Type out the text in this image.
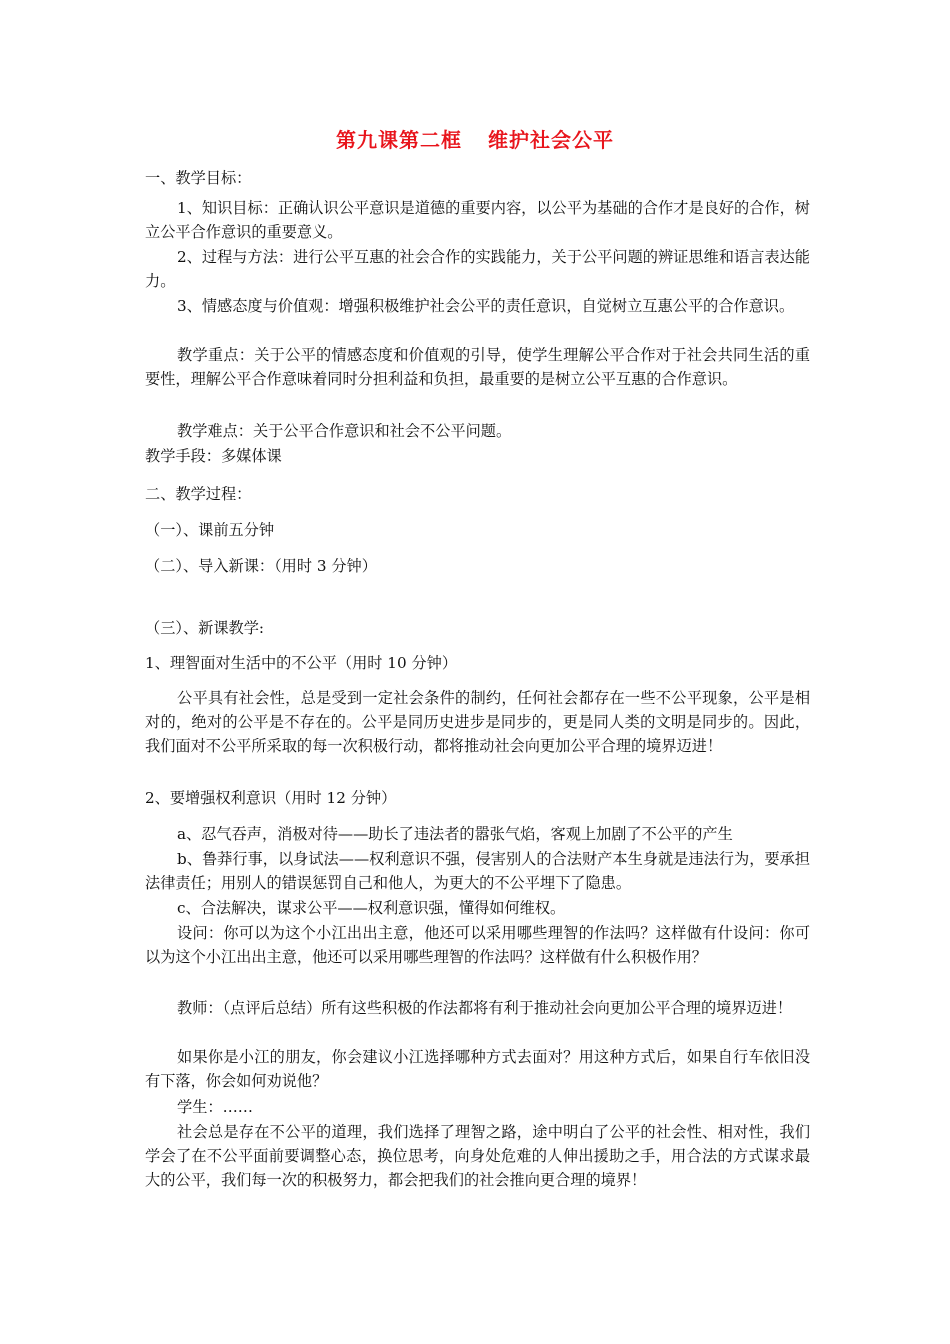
第九课第二框 维护社会公平
一、教学目标：
1、知识目标：正确认识公平意识是道德的重要内容，以公平为基础的合作才是良好的合作，树立公平合作意识的重要意义。
2、过程与方法：进行公平互惠的社会合作的实践能力，关于公平问题的辨证思维和语言表达能力。
3、情感态度与价值观：增强积极维护社会公平的责任意识，自觉树立互惠公平的合作意识。
教学重点：关于公平的情感态度和价值观的引导，使学生理解公平合作对于社会共同生活的重要性，理解公平合作意味着同时分担利益和负担，最重要的是树立公平互惠的合作意识。
教学难点：关于公平合作意识和社会不公平问题。
教学手段：多媒体课
二、教学过程：
（一）、课前五分钟
（二）、导入新课：（用时 3 分钟）
（三）、新课教学:
1、理智面对生活中的不公平（用时 10 分钟）
公平具有社会性，总是受到一定社会条件的制约，任何社会都存在一些不公平现象，公平是相对的，绝对的公平是不存在的。公平是同历史进步是同步的，更是同人类的文明是同步的。因此，我们面对不公平所采取的每一次积极行动，都将推动社会向更加公平合理的境界迈进！
2、要增强权利意识（用时 12 分钟）
a、忍气吞声，消极对待——助长了违法者的嚣张气焰，客观上加剧了不公平的产生
b、鲁莽行事，以身试法——权利意识不强，侵害别人的合法财产本生身就是违法行为，要承担法律责任；用别人的错误惩罚自己和他人，为更大的不公平埋下了隐患。
c、合法解决，谋求公平——权利意识强，懂得如何维权。
设问：你可以为这个小江出出主意，他还可以采用哪些理智的作法吗？这样做有什设问：你可以为这个小江出出主意，他还可以采用哪些理智的作法吗？这样做有什么积极作用？
教师：（点评后总结）所有这些积极的作法都将有利于推动社会向更加公平合理的境界迈进！
如果你是小江的朋友，你会建议小江选择哪种方式去面对？用这种方式后，如果自行车依旧没有下落，你会如何劝说他？
学生：……
社会总是存在不公平的道理，我们选择了理智之路，途中明白了公平的社会性、相对性，我们学会了在不公平面前要调整心态，换位思考，向身处危难的人伸出援助之手，用合法的方式谋求最大的公平，我们每一次的积极努力，都会把我们的社会推向更合理的境界！
